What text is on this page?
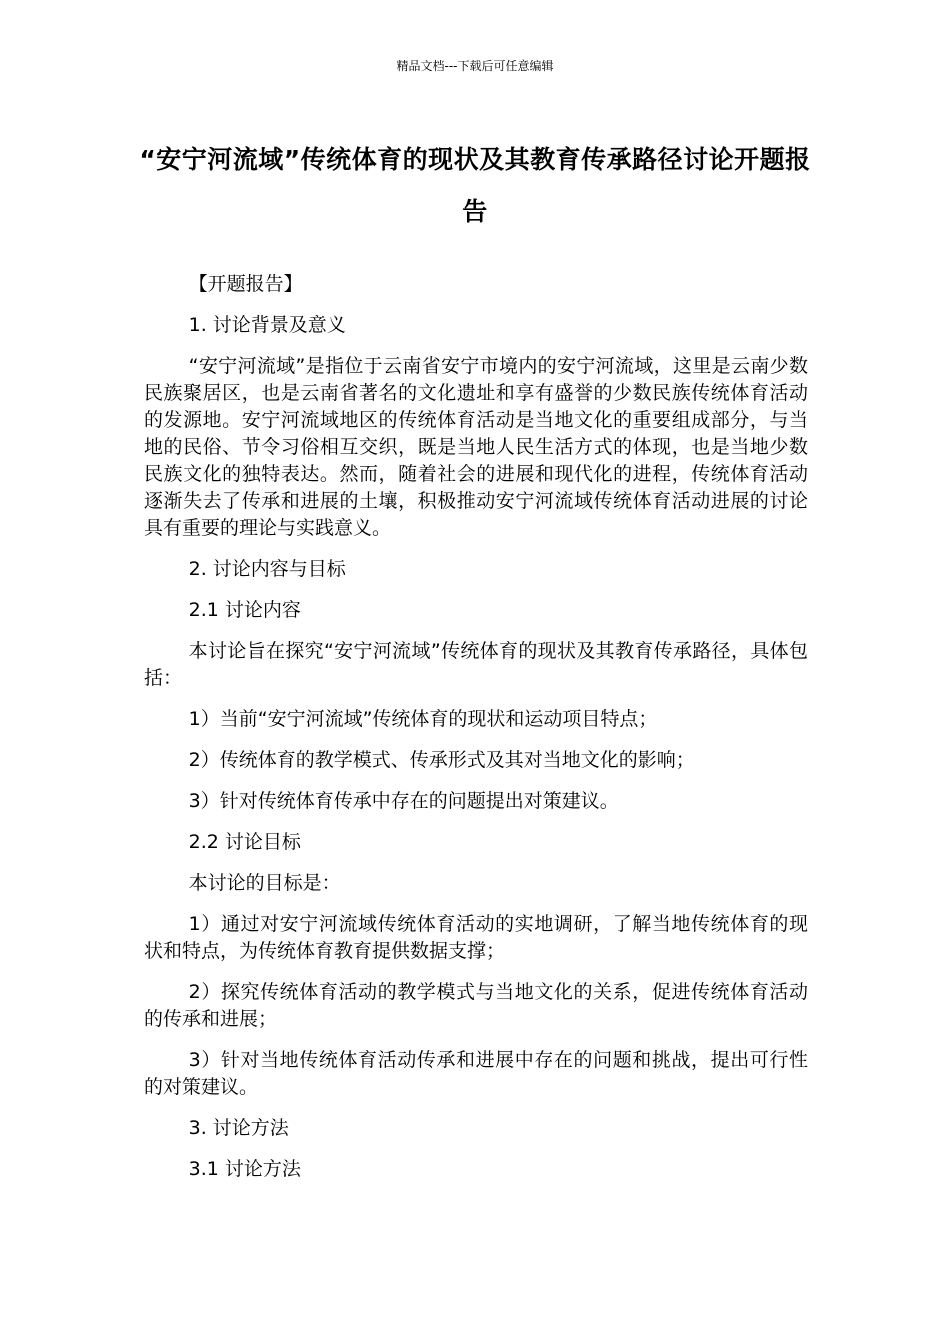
精品文档---下载后可任意编辑
“安宁河流域”传统体育的现状及其教育传承路径讨论开题报告

【开题报告】

1. 讨论背景及意义

“安宁河流域”是指位于云南省安宁市境内的安宁河流域，这里是云南少数民族聚居区，也是云南省著名的文化遗址和享有盛誉的少数民族传统体育活动的发源地。安宁河流域地区的传统体育活动是当地文化的重要组成部分，与当地的民俗、节令习俗相互交织，既是当地人民生活方式的体现，也是当地少数民族文化的独特表达。然而，随着社会的进展和现代化的进程，传统体育活动逐渐失去了传承和进展的土壤，积极推动安宁河流域传统体育活动进展的讨论具有重要的理论与实践意义。

2. 讨论内容与目标

2.1 讨论内容

本讨论旨在探究“安宁河流域”传统体育的现状及其教育传承路径，具体包括：

1）当前“安宁河流域”传统体育的现状和运动项目特点；

2）传统体育的教学模式、传承形式及其对当地文化的影响；

3）针对传统体育传承中存在的问题提出对策建议。

2.2 讨论目标

本讨论的目标是：

1）通过对安宁河流域传统体育活动的实地调研，了解当地传统体育的现状和特点，为传统体育教育提供数据支撑；

2）探究传统体育活动的教学模式与当地文化的关系，促进传统体育活动的传承和进展；

3）针对当地传统体育活动传承和进展中存在的问题和挑战，提出可行性的对策建议。

3. 讨论方法

3.1 讨论方法
